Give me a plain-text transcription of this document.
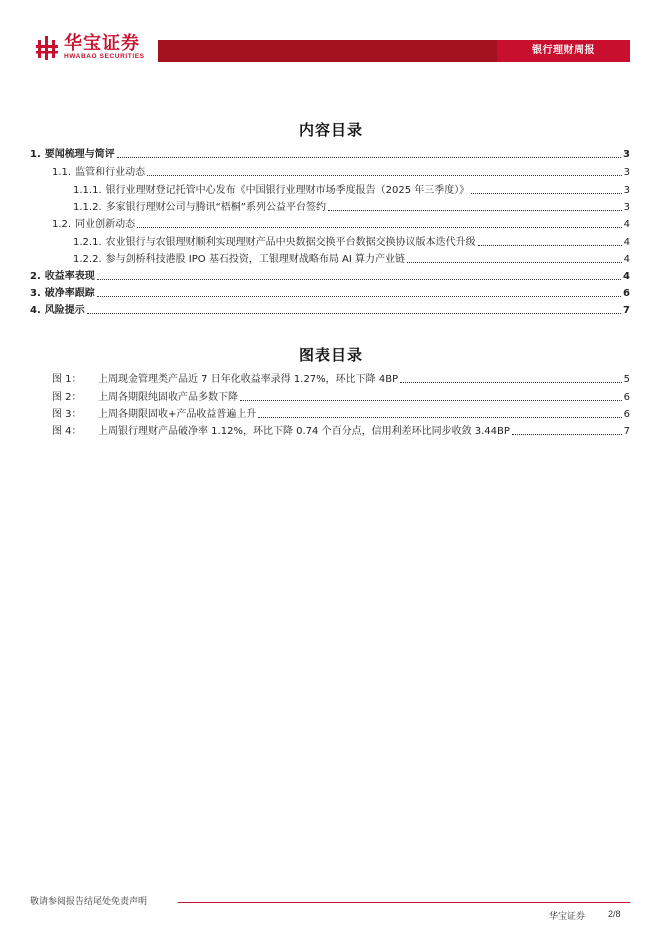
华宝证券
HWABAO SECURITIES
银行理财周报
内容目录
1. 要闻梳理与简评	3
1.1. 监管和行业动态	3
1.1.1. 银行业理财登记托管中心发布《中国银行业理财市场季度报告（2025 年三季度）》	3
1.1.2. 多家银行理财公司与腾讯“梧桐”系列公益平台签约	3
1.2. 同业创新动态	4
1.2.1. 农业银行与农银理财顺利实现理财产品中央数据交换平台数据交换协议版本迭代升级	4
1.2.2. 参与剑桥科技港股 IPO 基石投资，工银理财战略布局 AI 算力产业链	4
2. 收益率表现	4
3. 破净率跟踪	6
4. 风险提示	7
图表目录
图 1：	上周现金管理类产品近 7 日年化收益率录得 1.27%，环比下降 4BP	5
图 2：	上周各期限纯固收产品多数下降	6
图 3：	上周各期限固收+产品收益普遍上升	6
图 4：	上周银行理财产品破净率 1.12%，环比下降 0.74 个百分点，信用利差环比同步收敛 3.44BP	7
敬请参阅报告结尾处免责声明
华宝证券	2/8
